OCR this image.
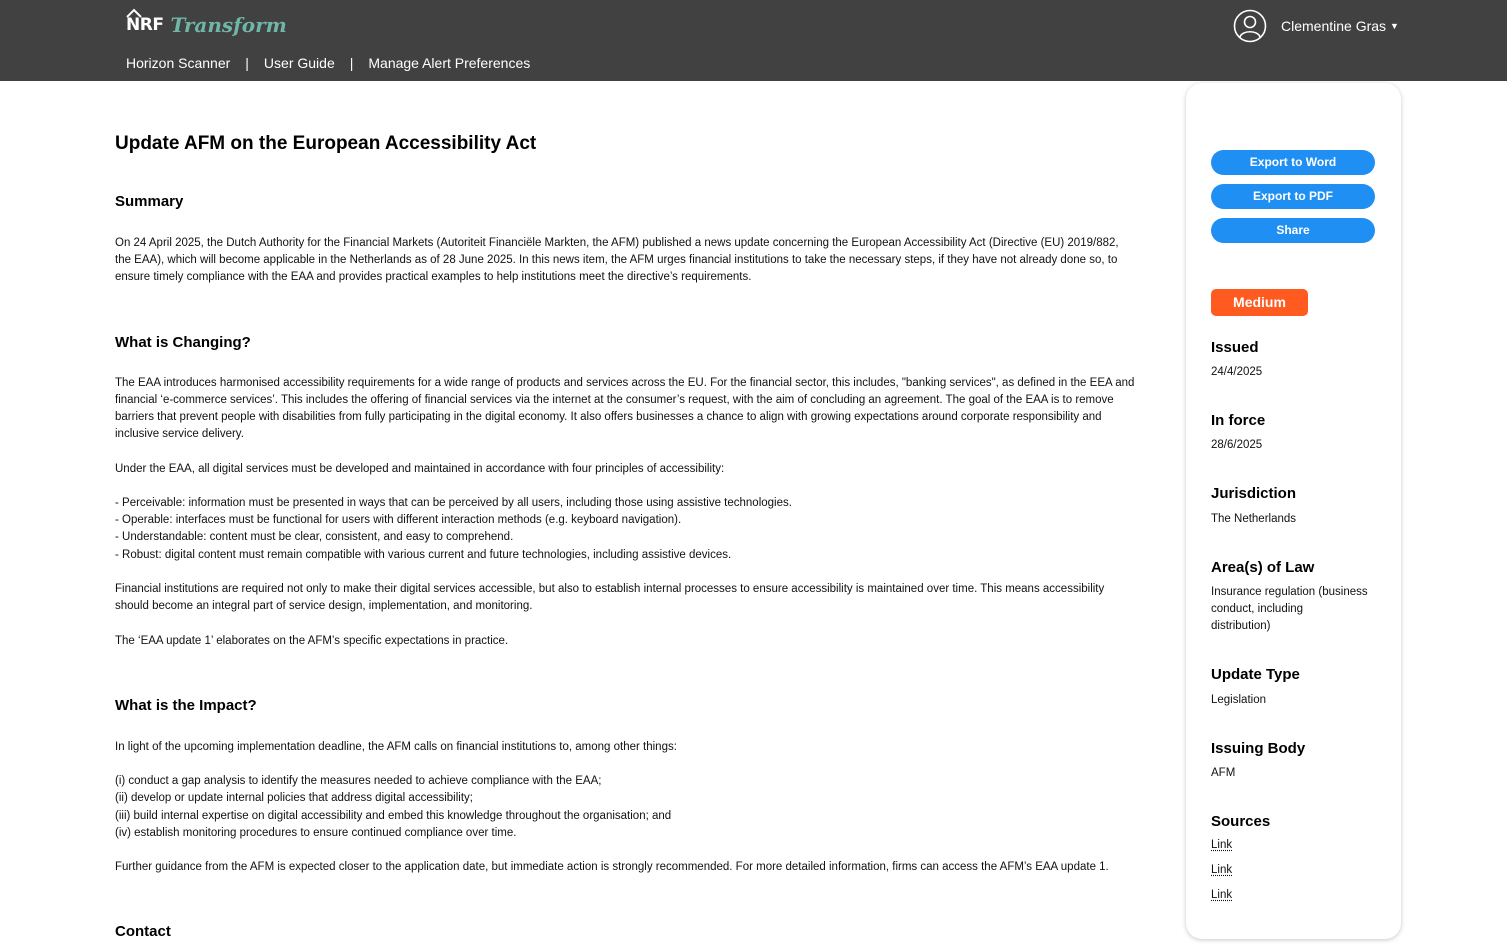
NRF Transform	Clementine Gras ▼
Horizon Scanner | User Guide | Manage Alert Preferences
Update AFM on the European Accessibility Act
Summary
On 24 April 2025, the Dutch Authority for the Financial Markets (Autoriteit Financiële Markten, the AFM) published a news update concerning the European Accessibility Act (Directive (EU) 2019/882,
the EAA), which will become applicable in the Netherlands as of 28 June 2025. In this news item, the AFM urges financial institutions to take the necessary steps, if they have not already done so, to
ensure timely compliance with the EAA and provides practical examples to help institutions meet the directive’s requirements.
What is Changing?
The EAA introduces harmonised accessibility requirements for a wide range of products and services across the EU. For the financial sector, this includes, "banking services", as defined in the EEA and
financial ‘e-commerce services’. This includes the offering of financial services via the internet at the consumer’s request, with the aim of concluding an agreement. The goal of the EAA is to remove
barriers that prevent people with disabilities from fully participating in the digital economy. It also offers businesses a chance to align with growing expectations around corporate responsibility and
inclusive service delivery.
Under the EAA, all digital services must be developed and maintained in accordance with four principles of accessibility:
- Perceivable: information must be presented in ways that can be perceived by all users, including those using assistive technologies.
- Operable: interfaces must be functional for users with different interaction methods (e.g. keyboard navigation).
- Understandable: content must be clear, consistent, and easy to comprehend.
- Robust: digital content must remain compatible with various current and future technologies, including assistive devices.
Financial institutions are required not only to make their digital services accessible, but also to establish internal processes to ensure accessibility is maintained over time. This means accessibility
should become an integral part of service design, implementation, and monitoring.
The ‘EAA update 1’ elaborates on the AFM’s specific expectations in practice.
What is the Impact?
In light of the upcoming implementation deadline, the AFM calls on financial institutions to, among other things:
(i) conduct a gap analysis to identify the measures needed to achieve compliance with the EAA;
(ii) develop or update internal policies that address digital accessibility;
(iii) build internal expertise on digital accessibility and embed this knowledge throughout the organisation; and
(iv) establish monitoring procedures to ensure continued compliance over time.
Further guidance from the AFM is expected closer to the application date, but immediate action is strongly recommended. For more detailed information, firms can access the AFM’s EAA update 1.
Contact
Export to Word
Export to PDF
Share
Medium
Issued
24/4/2025
In force
28/6/2025
Jurisdiction
The Netherlands
Area(s) of Law
Insurance regulation (business
conduct, including
distribution)
Update Type
Legislation
Issuing Body
AFM
Sources
Link
Link
Link
